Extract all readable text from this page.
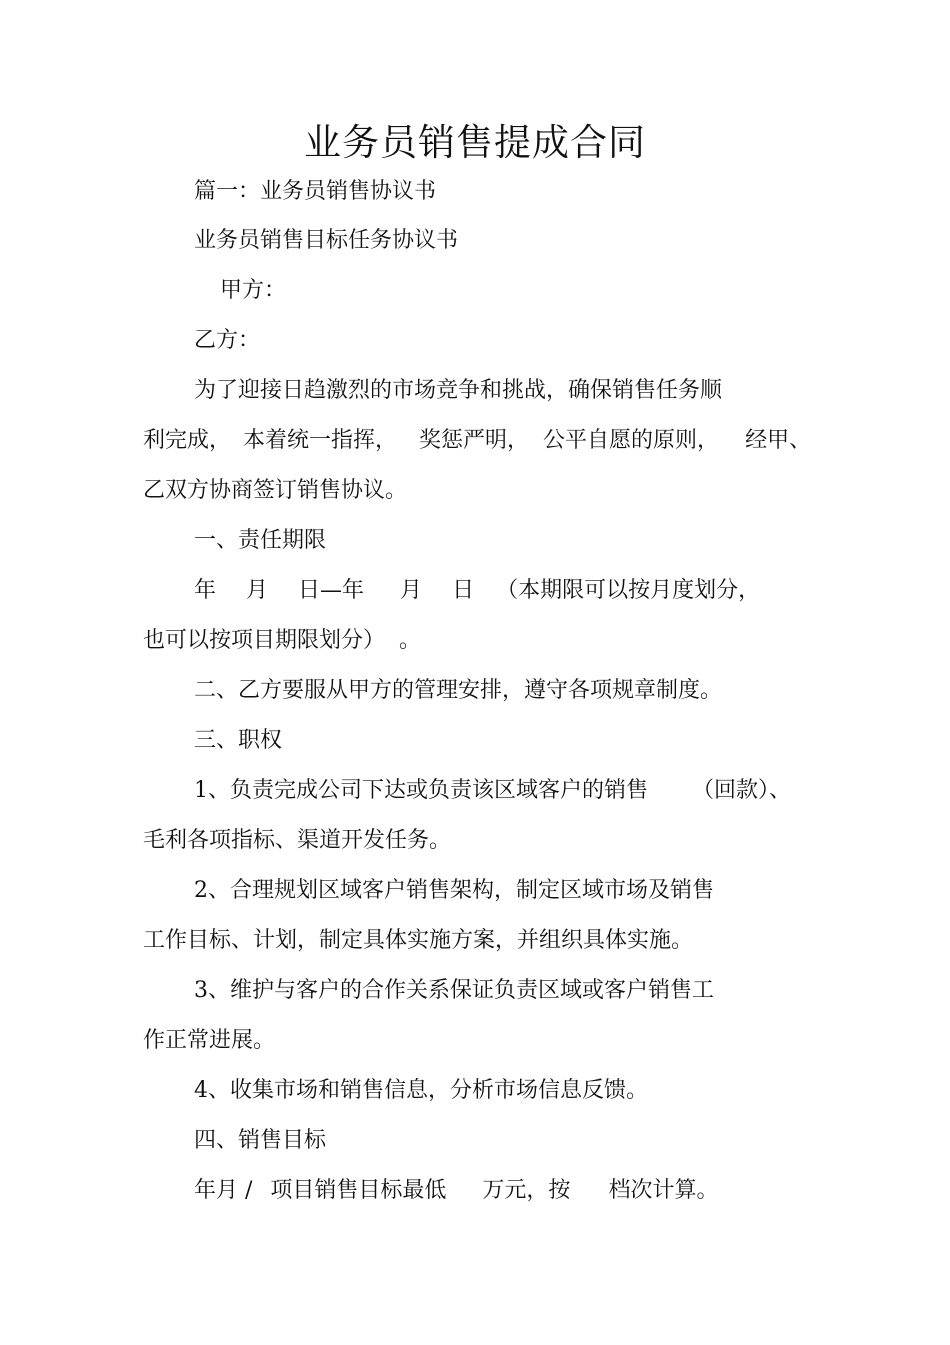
业务员销售提成合同
篇一：业务员销售协议书
业务员销售目标任务协议书
甲方：
乙方：
为了迎接日趋激烈的市场竞争和挑战，确保销售任务顺
利完成， 本着统一指挥， 奖惩严明， 公平自愿的原则， 经甲、
乙双方协商签订销售协议。
一、责任期限
年 月 日—年 月 日 （本期限可以按月度划分，
也可以按项目期限划分） 。
二、乙方要服从甲方的管理安排，遵守各项规章制度。
三、职权
1、负责完成公司下达或负责该区域客户的销售 （回款）、
毛利各项指标、渠道开发任务。
2、合理规划区域客户销售架构，制定区域市场及销售
工作目标、计划，制定具体实施方案，并组织具体实施。
3、维护与客户的合作关系保证负责区域或客户销售工
作正常进展。
4、收集市场和销售信息，分析市场信息反馈。
四、销售目标
年月 / 项目销售目标最低 万元，按 档次计算。
